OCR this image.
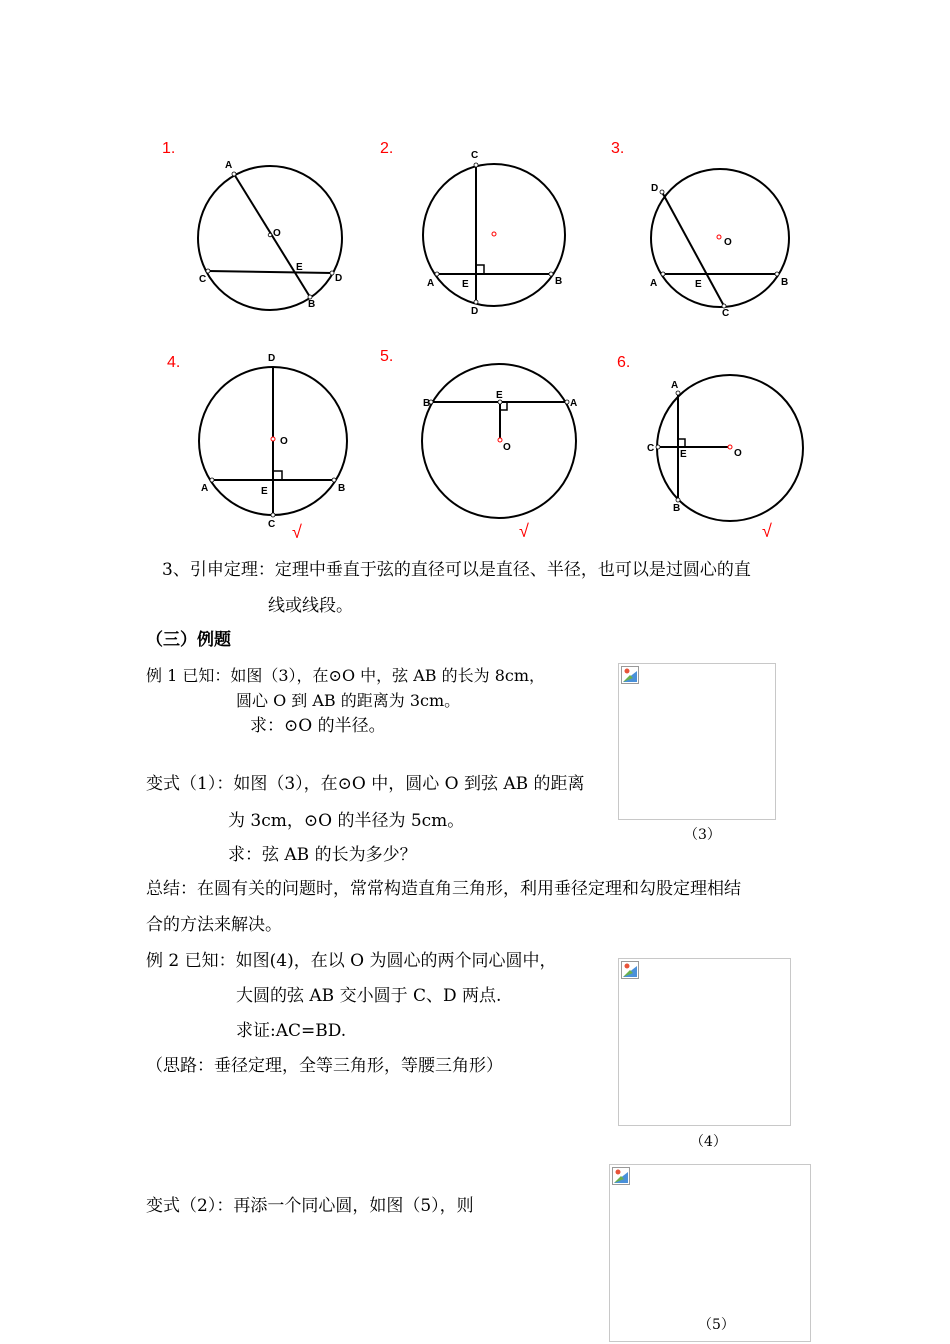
1.
A
O
C
E
D
B
2.	C
A	E	B
D
3.
D
O
A	E	B
C
4.	D
O
A	E	B
C √
5.
B
E
A
O
√
6.
A
C
E	O
B
√
3、引申定理：定理中垂直于弦的直径可以是直径、半径，也可以是过圆心的直
线或线段。
（三）例题
例 1 已知：如图（3），在⊙O 中，弦 AB 的长为 8cm，
圆心 O 到 AB 的距离为 3cm。
求：⊙O 的半径。
变式（1）：如图（3），在⊙O 中，圆心 O 到弦 AB 的距离
为 3cm，⊙O 的半径为 5cm。
求：弦 AB 的长为多少？
总结：在圆有关的问题时，常常构造直角三角形，利用垂径定理和勾股定理相结
合的方法来解决。
例 2 已知：如图(4)，在以 O 为圆心的两个同心圆中，
大圆的弦 AB 交小圆于 C、D 两点.
求证:AC=BD.
（思路：垂径定理，全等三角形，等腰三角形）
变式（2）：再添一个同心圆，如图（5），则
（3）
（4）
（5）
